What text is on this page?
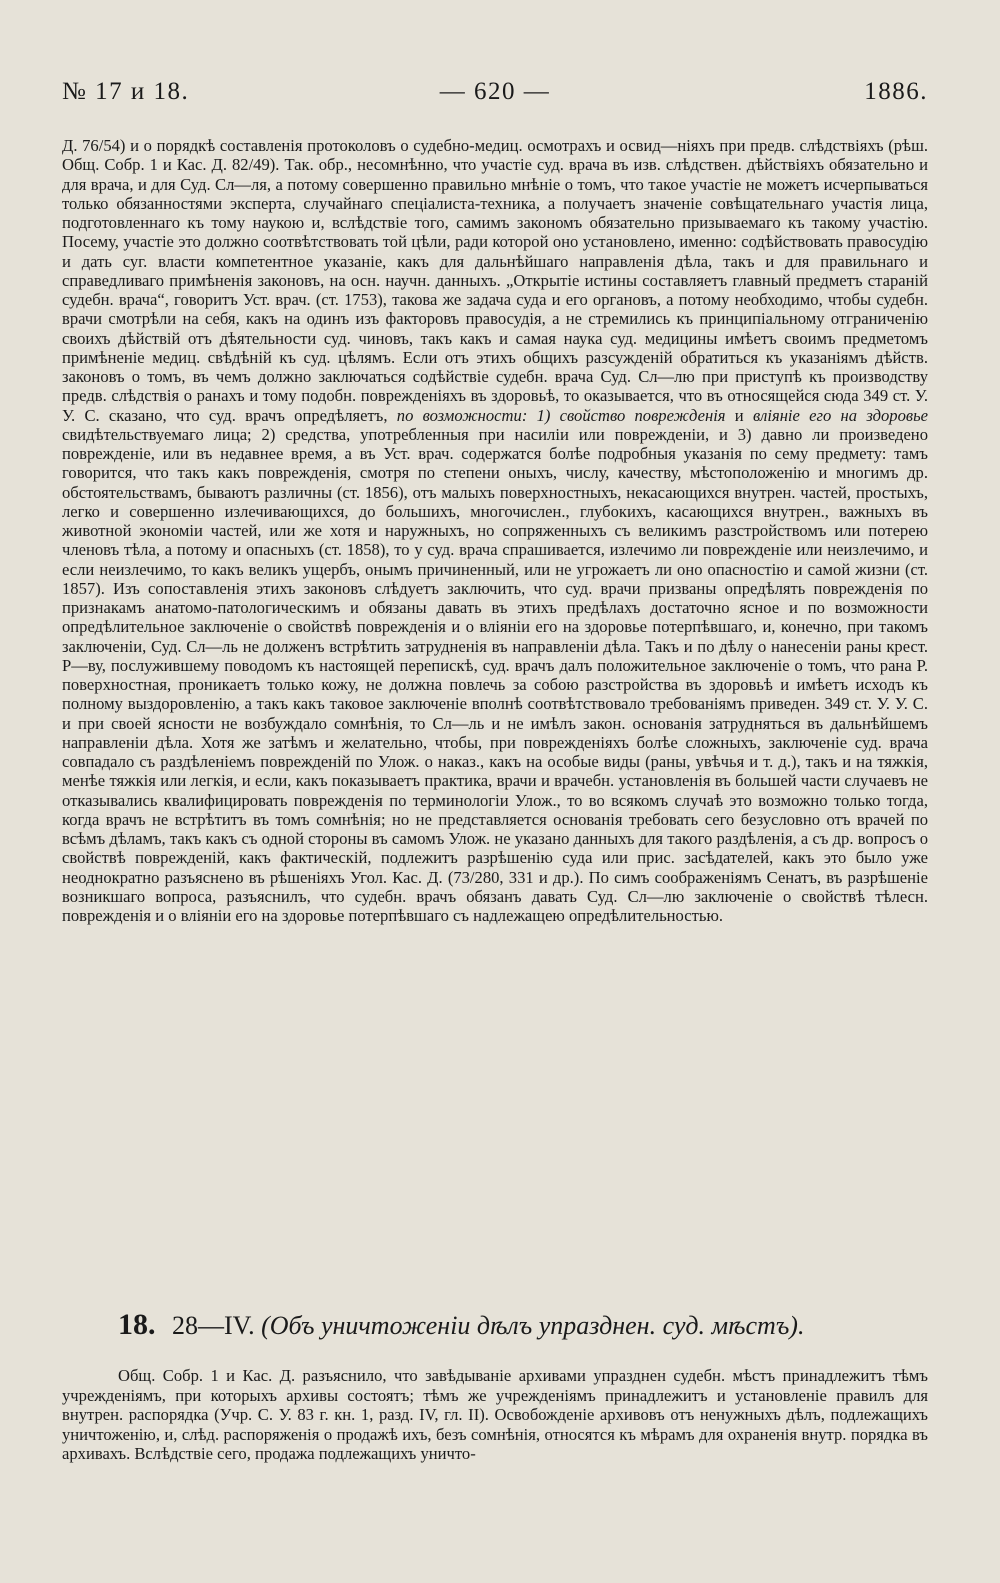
№ 17 и 18.	— 620 —	1886.

Д. 76/54) и о порядкѣ составленія протоколовъ о судебно-медиц. осмотрахъ и освид—ніяхъ при предв. слѣдствіяхъ (рѣш. Общ. Собр. 1 и Кас. Д. 82/49). Так. обр., несомнѣнно, что участіе суд. врача въ изв. слѣдствен. дѣйствіяхъ обязательно и для врача, и для Суд. Сл—ля, а потому совершенно правильно мнѣніе о томъ, что такое участіе не можетъ исчерпываться только обязанностями эксперта, случайнаго спеціалиста-техника, а получаетъ значеніе совѣщательнаго участія лица, подготовленнаго къ тому наукою и, вслѣдствіе того, самимъ закономъ обязательно призываемаго къ такому участію. Посему, участіе это должно соотвѣтствовать той цѣли, ради которой оно установлено, именно: содѣйствовать правосудію и дать суг. власти компетентное указаніе, какъ для дальнѣйшаго направленія дѣла, такъ и для правильнаго и справедливаго примѣненія законовъ, на осн. научн. данныхъ. „Открытіе истины составляетъ главный предметъ стараній судебн. врача“, говоритъ Уст. врач. (ст. 1753), такова же задача суда и его органовъ, а потому необходимо, чтобы судебн. врачи смотрѣли на себя, какъ на одинъ изъ факторовъ правосудія, а не стремились къ принципіальному отграниченію своихъ дѣйствій отъ дѣятельности суд. чиновъ, такъ какъ и самая наука суд. медицины имѣетъ своимъ предметомъ примѣненіе медиц. свѣдѣній къ суд. цѣлямъ. Если отъ этихъ общихъ разсужденій обратиться къ указаніямъ дѣйств. законовъ о томъ, въ чемъ должно заключаться содѣйствіе судебн. врача Суд. Сл—лю при приступѣ къ производству предв. слѣдствія о ранахъ и тому подобн. поврежденіяхъ въ здоровьѣ, то оказывается, что въ относящейся сюда 349 ст. У. У. С. сказано, что суд. врачъ опредѣляетъ, по возможности: 1) свойство поврежденія и вліяніе его на здоровье свидѣтельствуемаго лица; 2) средства, употребленныя при насиліи или поврежденіи, и 3) давно ли произведено поврежденіе, или въ недавнее время, а въ Уст. врач. содержатся болѣе подробныя указанія по сему предмету: тамъ говорится, что такъ какъ поврежденія, смотря по степени оныхъ, числу, качеству, мѣстоположенію и многимъ др. обстоятельствамъ, бываютъ различны (ст. 1856), отъ малыхъ поверхностныхъ, некасающихся внутрен. частей, простыхъ, легко и совершенно излечивающихся, до большихъ, многочислен., глубокихъ, касающихся внутрен., важныхъ въ животной экономіи частей, или же хотя и наружныхъ, но сопряженныхъ съ великимъ разстройствомъ или потерею членовъ тѣла, а потому и опасныхъ (ст. 1858), то у суд. врача спрашивается, излечимо ли поврежденіе или неизлечимо, и если неизлечимо, то какъ великъ ущербъ, онымъ причиненный, или не угрожаетъ ли оно опасностію и самой жизни (ст. 1857). Изъ сопоставленія этихъ законовъ слѣдуетъ заключить, что суд. врачи призваны опредѣлять поврежденія по признакамъ анатомо-патологическимъ и обязаны давать въ этихъ предѣлахъ достаточно ясное и по возможности опредѣлительное заключеніе о свойствѣ поврежденія и о вліяніи его на здоровье потерпѣвшаго, и, конечно, при такомъ заключеніи, Суд. Сл—ль не долженъ встрѣтить затрудненія въ направленіи дѣла. Такъ и по дѣлу о нанесеніи раны крест. Р—ву, послужившему поводомъ къ настоящей перепискѣ, суд. врачъ далъ положительное заключеніе о томъ, что рана Р. поверхностная, проникаетъ только кожу, не должна повлечь за собою разстройства въ здоровьѣ и имѣетъ исходъ къ полному выздоровленію, а такъ какъ таковое заключеніе вполнѣ соотвѣтствовало требованіямъ приведен. 349 ст. У. У. С. и при своей ясности не возбуждало сомнѣнія, то Сл—ль и не имѣлъ закон. основанія затрудняться въ дальнѣйшемъ направленіи дѣла. Хотя же затѣмъ и желательно, чтобы, при поврежденіяхъ болѣе сложныхъ, заключеніе суд. врача совпадало съ раздѣленіемъ поврежденій по Улож. о наказ., какъ на особые виды (раны, увѣчья и т. д.), такъ и на тяжкія, менѣе тяжкія или легкія, и если, какъ показываетъ практика, врачи и врачебн. установленія въ большей части случаевъ не отказывались квалифицировать поврежденія по терминологіи Улож., то во всякомъ случаѣ это возможно только тогда, когда врачъ не встрѣтитъ въ томъ сомнѣнія; но не представляется основанія требовать сего безусловно отъ врачей по всѣмъ дѣламъ, такъ какъ съ одной стороны въ самомъ Улож. не указано данныхъ для такого раздѣленія, а съ др. вопросъ о свойствѣ поврежденій, какъ фактическій, подлежитъ разрѣшенію суда или прис. засѣдателей, какъ это было уже неоднократно разъяснено въ рѣшеніяхъ Угол. Кас. Д. (73/280, 331 и др.). По симъ соображеніямъ Сенатъ, въ разрѣшеніе возникшаго вопроса, разъяснилъ, что судебн. врачъ обязанъ давать Суд. Сл—лю заключеніе о свойствѣ тѣлесн. поврежденія и о вліяніи его на здоровье потерпѣвшаго съ надлежащею опредѣлительностью.

18. 28—IV. (Объ уничтоженіи дѣлъ упразднен. суд. мѣстъ).

Общ. Собр. 1 и Кас. Д. разъяснило, что завѣдываніе архивами упразднен судебн. мѣстъ принадлежитъ тѣмъ учрежденіямъ, при которыхъ архивы состоятъ; тѣмъ же учрежденіямъ принадлежитъ и установленіе правилъ для внутрен. распорядка (Учр. С. У. 83 г. кн. 1, разд. IV, гл. II). Освобожденіе архивовъ отъ ненужныхъ дѣлъ, подлежащихъ уничтоженію, и, слѣд. распоряженія о продажѣ ихъ, безъ сомнѣнія, относятся къ мѣрамъ для охраненія внутр. порядка въ архивахъ. Вслѣдствіе сего, продажа подлежащихъ уничто-
